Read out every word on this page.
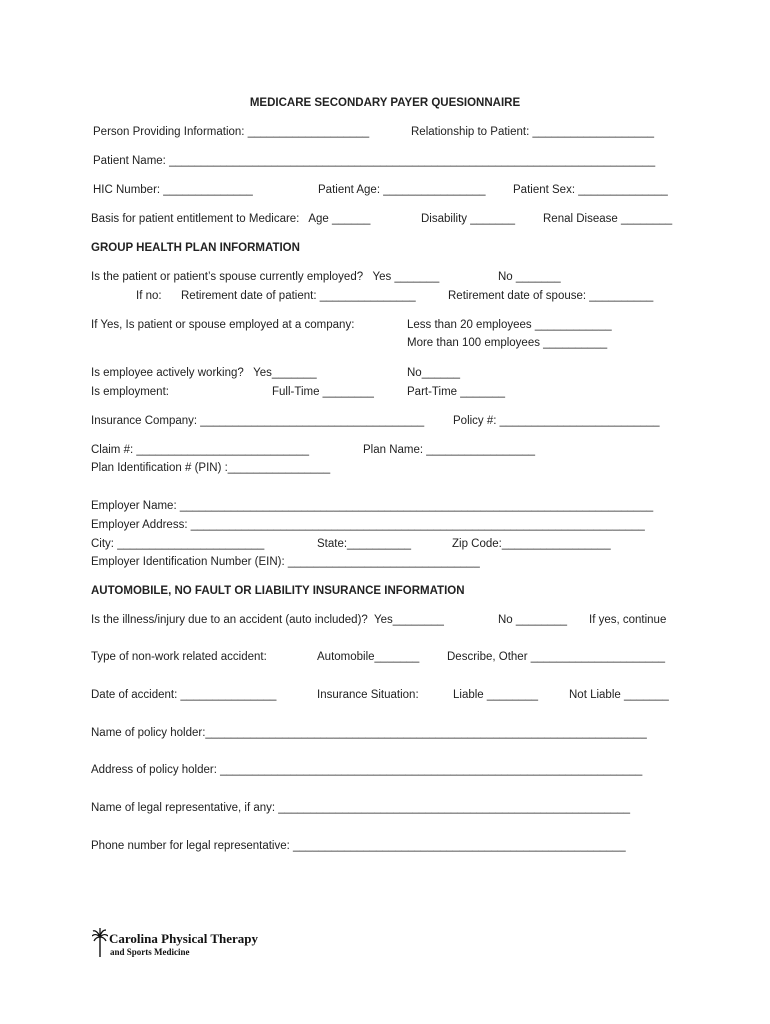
MEDICARE SECONDARY PAYER QUESIONNAIRE
Person Providing Information: ___________________	Relationship to Patient: ___________________
Patient Name: ____________________________________________________________________________
HIC Number: ______________	Patient Age: ________________ Patient Sex: ______________
Basis for patient entitlement to Medicare:   Age ______	Disability _______ Renal Disease ________
GROUP HEALTH PLAN INFORMATION
Is the patient or patient’s spouse currently employed?   Yes _______	No _______
If no: Retirement date of patient: _______________	Retirement date of spouse: __________
If Yes, Is patient or spouse employed at a company:	Less than 20 employees ____________
More than 100 employees __________
Is employee actively working?   Yes_______	No______
Is employment:	Full-Time ________	Part-Time _______
Insurance Company: ___________________________________	Policy #: _________________________
Claim #: ___________________________	Plan Name: _________________
Plan Identification # (PIN) :________________
Employer Name: __________________________________________________________________________
Employer Address: _______________________________________________________________________
City: _______________________	State:__________	Zip Code:_________________
Employer Identification Number (EIN): ______________________________
AUTOMOBILE, NO FAULT OR LIABILITY INSURANCE INFORMATION
Is the illness/injury due to an accident (auto included)?  Yes________	No ________ If yes, continue
Type of non-work related accident:	Automobile_______ Describe, Other _____________________
Date of accident: _______________	Insurance Situation:	Liable ________	Not Liable _______
Name of policy holder:_____________________________________________________________________
Address of policy holder: __________________________________________________________________
Name of legal representative, if any: _______________________________________________________
Phone number for legal representative: ____________________________________________________
Carolina Physical Therapy
and Sports Medicine
